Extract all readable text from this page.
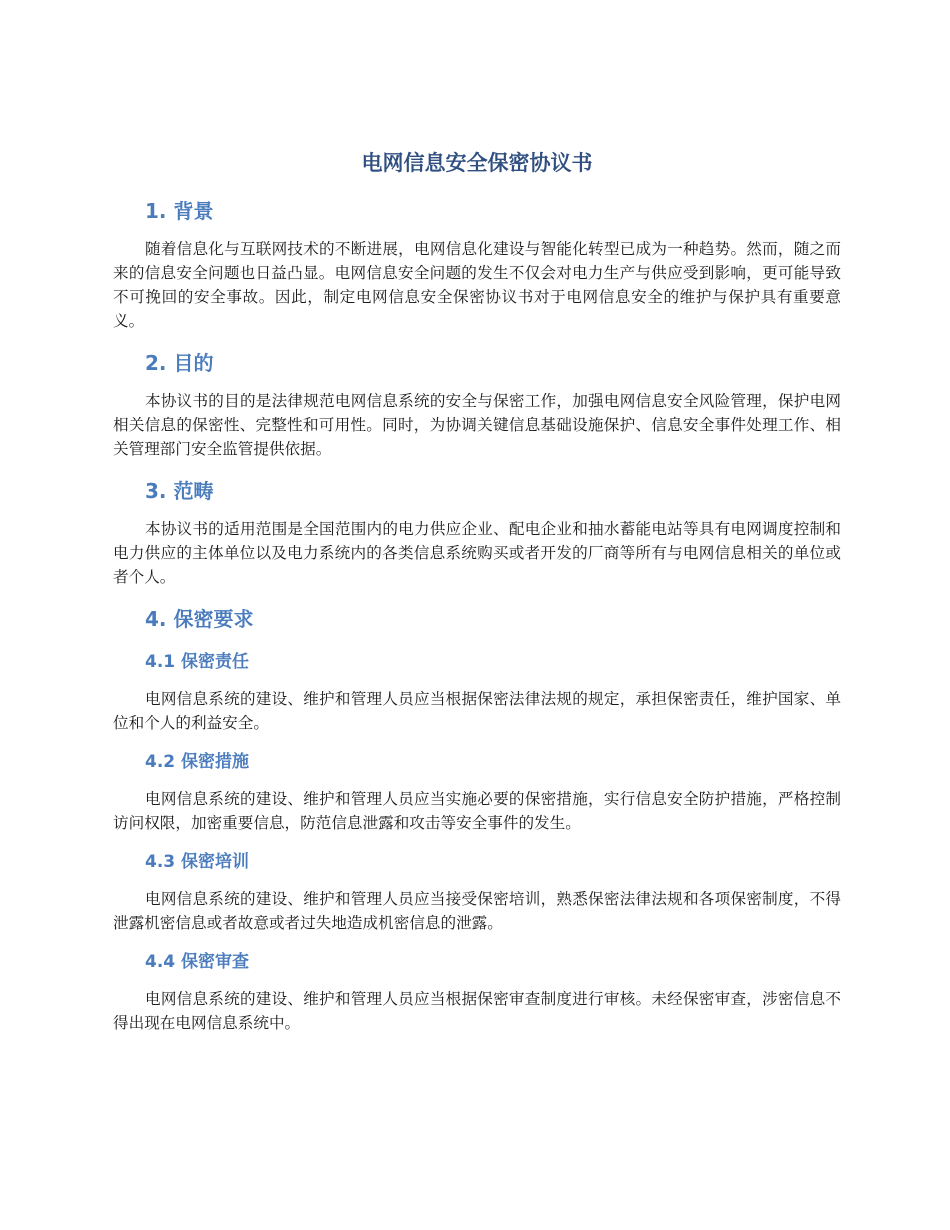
电网信息安全保密协议书
1. 背景

随着信息化与互联网技术的不断进展，电网信息化建设与智能化转型已成为一种趋势。然而，随之而来的信息安全问题也日益凸显。电网信息安全问题的发生不仅会对电力生产与供应受到影响，更可能导致不可挽回的安全事故。因此，制定电网信息安全保密协议书对于电网信息安全的维护与保护具有重要意义。

2. 目的

本协议书的目的是法律规范电网信息系统的安全与保密工作，加强电网信息安全风险管理，保护电网相关信息的保密性、完整性和可用性。同时，为协调关键信息基础设施保护、信息安全事件处理工作、相关管理部门安全监管提供依据。

3. 范畴

本协议书的适用范围是全国范围内的电力供应企业、配电企业和抽水蓄能电站等具有电网调度控制和电力供应的主体单位以及电力系统内的各类信息系统购买或者开发的厂商等所有与电网信息相关的单位或者个人。

4. 保密要求
4.1 保密责任

电网信息系统的建设、维护和管理人员应当根据保密法律法规的规定，承担保密责任，维护国家、单位和个人的利益安全。

4.2 保密措施

电网信息系统的建设、维护和管理人员应当实施必要的保密措施，实行信息安全防护措施，严格控制访问权限，加密重要信息，防范信息泄露和攻击等安全事件的发生。

4.3 保密培训

电网信息系统的建设、维护和管理人员应当接受保密培训，熟悉保密法律法规和各项保密制度，不得泄露机密信息或者故意或者过失地造成机密信息的泄露。

4.4 保密审查

电网信息系统的建设、维护和管理人员应当根据保密审查制度进行审核。未经保密审查，涉密信息不得出现在电网信息系统中。
